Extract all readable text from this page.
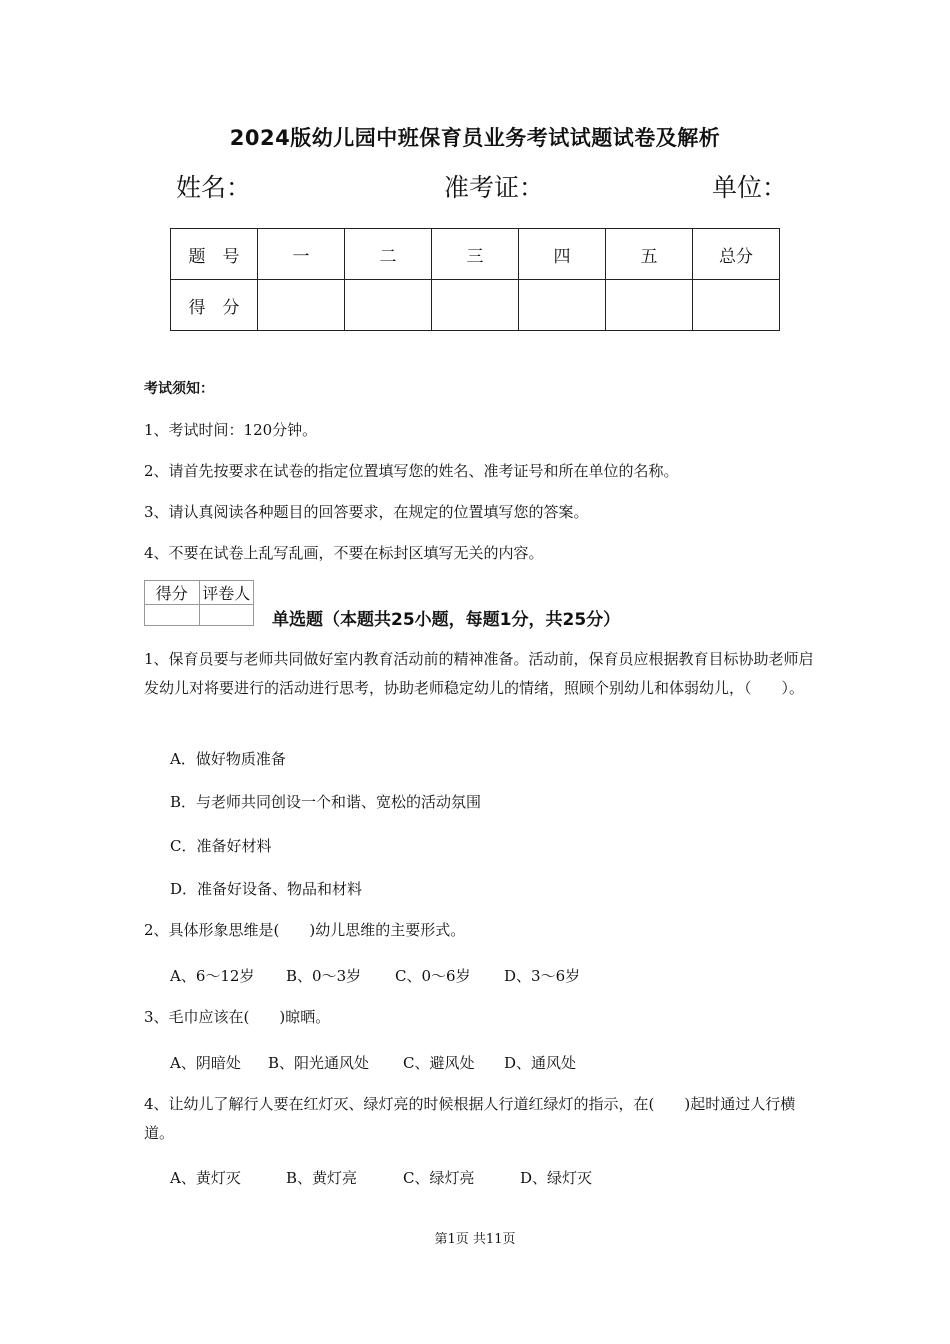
2024版幼儿园中班保育员业务考试试题试卷及解析
姓名：	准考证：	单位：
题　号	一	二	三	四	五	总分
得　分						
考试须知：
1、考试时间：120分钟。
2、请首先按要求在试卷的指定位置填写您的姓名、准考证号和所在单位的名称。
3、请认真阅读各种题目的回答要求，在规定的位置填写您的答案。
4、不要在试卷上乱写乱画，不要在标封区填写无关的内容。
得分	评卷人

单选题（本题共25小题，每题1分，共25分）
1、保育员要与老师共同做好室内教育活动前的精神准备。活动前，保育员应根据教育目标协助老师启发幼儿对将要进行的活动进行思考，协助老师稳定幼儿的情绪，照顾个别幼儿和体弱幼儿，（　　）。
A．做好物质准备
B．与老师共同创设一个和谐、宽松的活动氛围
C．准备好材料
D．准备好设备、物品和材料
2、具体形象思维是(　　)幼儿思维的主要形式。
A、6～12岁 B、0～3岁 C、0～6岁 D、3～6岁
3、毛巾应该在(　　)晾晒。
A、阴暗处 B、阳光通风处 C、避风处 D、通风处
4、让幼儿了解行人要在红灯灭、绿灯亮的时候根据人行道红绿灯的指示，在(　　)起时通过人行横道。
A、黄灯灭	B、黄灯亮	C、绿灯亮	D、绿灯灭
第1页 共11页
